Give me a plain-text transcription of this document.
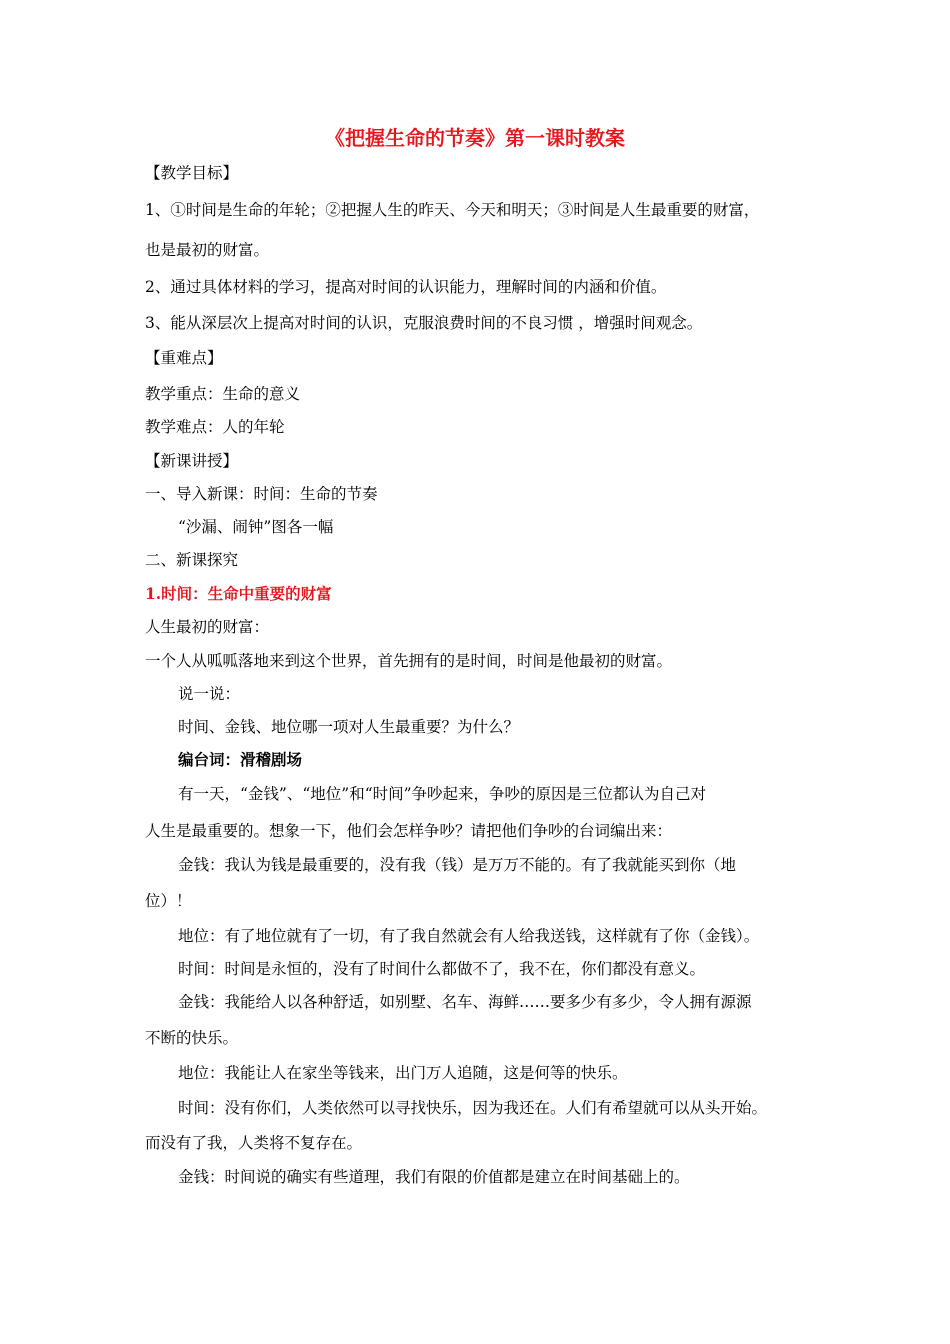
《把握生命的节奏》第一课时教案
【教学目标】
1、①时间是生命的年轮；②把握人生的昨天、今天和明天；③时间是人生最重要的财富，
也是最初的财富。
2、通过具体材料的学习，提高对时间的认识能力，理解时间的内涵和价值。
3、能从深层次上提高对时间的认识，克服浪费时间的不良习惯 ，增强时间观念。
【重难点】
教学重点：生命的意义
教学难点：人的年轮
【新课讲授】
一、导入新课：时间：生命的节奏
“沙漏、闹钟”图各一幅
二、新课探究
1.时间：生命中重要的财富
人生最初的财富：
一个人从呱呱落地来到这个世界，首先拥有的是时间，时间是他最初的财富。
说一说：
时间、金钱、地位哪一项对人生最重要？为什么？
编台词：滑稽剧场
有一天，“金钱”、“地位”和“时间”争吵起来，争吵的原因是三位都认为自己对
人生是最重要的。想象一下，他们会怎样争吵？请把他们争吵的台词编出来：
金钱：我认为钱是最重要的，没有我（钱）是万万不能的。有了我就能买到你（地
位）！
地位：有了地位就有了一切，有了我自然就会有人给我送钱，这样就有了你（金钱）。
时间：时间是永恒的，没有了时间什么都做不了，我不在，你们都没有意义。
金钱：我能给人以各种舒适，如别墅、名车、海鲜……要多少有多少，令人拥有源源
不断的快乐。
地位：我能让人在家坐等钱来，出门万人追随，这是何等的快乐。
时间：没有你们，人类依然可以寻找快乐，因为我还在。人们有希望就可以从头开始。
而没有了我，人类将不复存在。
金钱：时间说的确实有些道理，我们有限的价值都是建立在时间基础上的。
